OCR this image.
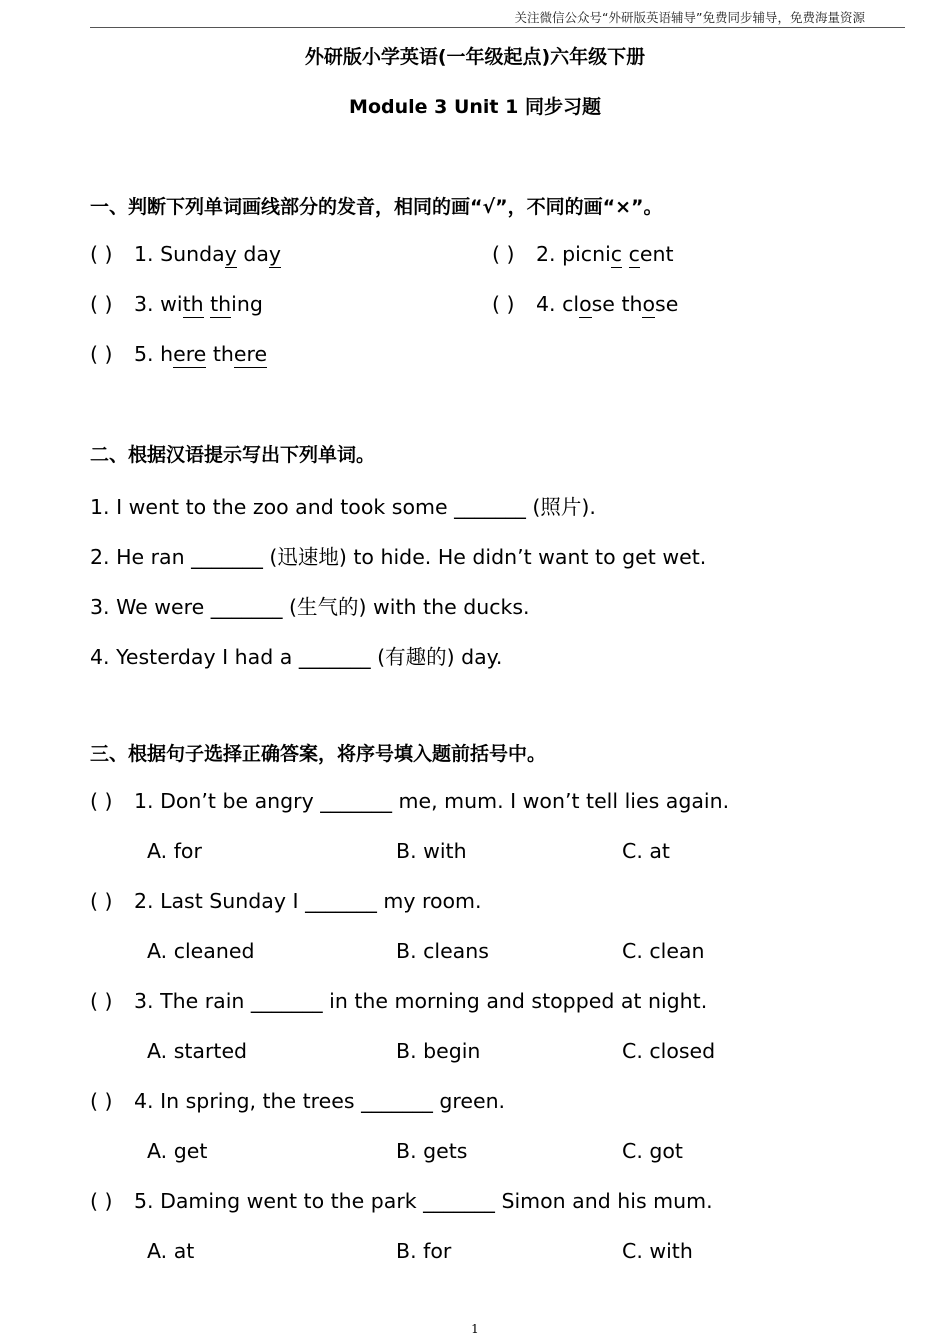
关注微信公众号“外研版英语辅导”免费同步辅导，免费海量资源
外研版小学英语(一年级起点)六年级下册
Module 3 Unit 1 同步习题
一、判断下列单词画线部分的发音，相同的画“√”，不同的画“×”。
( ) 1. Sunday day	( ) 2. picnic cent
( ) 3. with thing	( ) 4. close those
( ) 5. here there
二、根据汉语提示写出下列单词。
1. I went to the zoo and took some _______ (照片).
2. He ran _______ (迅速地) to hide. He didn’t want to get wet.
3. We were _______ (生气的) with the ducks.
4. Yesterday I had a _______ (有趣的) day.
三、根据句子选择正确答案，将序号填入题前括号中。
( ) 1. Don’t be angry _______ me, mum. I won’t tell lies again.
A. for	B. with	C. at
( ) 2. Last Sunday I _______ my room.
A. cleaned	B. cleans	C. clean
( ) 3. The rain _______ in the morning and stopped at night.
A. started	B. begin	C. closed
( ) 4. In spring, the trees _______ green.
A. get	B. gets	C. got
( ) 5. Daming went to the park _______ Simon and his mum.
A. at	B. for	C. with
1
